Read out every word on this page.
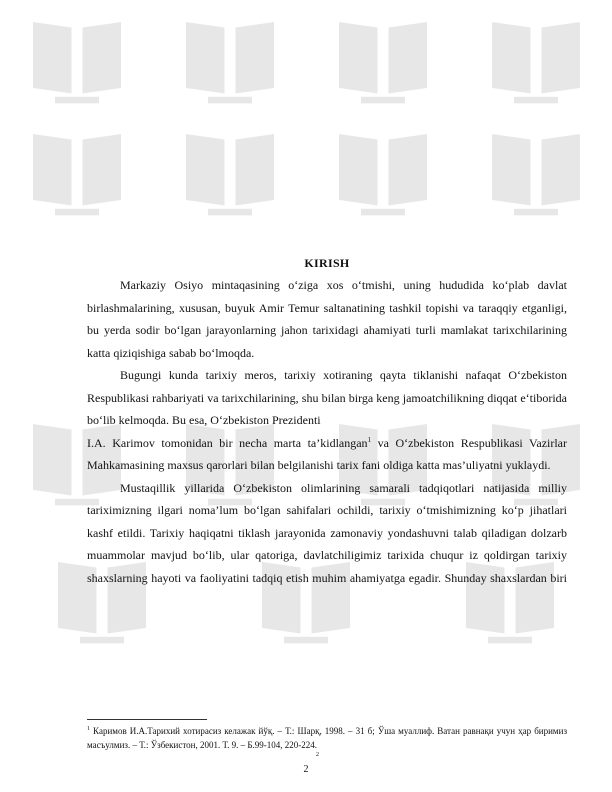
KIRISH

Markaziy Osiyo mintaqasining o‘ziga xos o‘tmishi, uning hududida ko‘plab davlat birlashmalarining, xususan, buyuk Amir Temur saltanatining tashkil topishi va taraqqiy etganligi, bu yerda sodir bo‘lgan jarayonlarning jahon tarixidagi ahamiyati turli mamlakat tarixchilarining katta qiziqishiga sabab bo‘lmoqda.

Bugungi kunda tarixiy meros, tarixiy xotiraning qayta tiklanishi nafaqat O‘zbekiston Respublikasi rahbariyati va tarixchilarining, shu bilan birga keng jamoatchilikning diqqat e‘tiborida bo‘lib kelmoqda. Bu esa, O‘zbekiston Prezidenti

I.A. Karimov tomonidan bir necha marta ta’kidlangan$^1$ va O‘zbekiston Respublikasi Vazirlar Mahkamasining maxsus qarorlari bilan belgilanishi tarix fani oldiga katta mas’uliyatni yuklaydi.

Mustaqillik yillarida O‘zbekiston olimlarining samarali tadqiqotlari natijasida milliy tariximizning ilgari noma’lum bo‘lgan sahifalari ochildi, tarixiy o‘tmishimizning ko‘p jihatlari kashf etildi. Tarixiy haqiqatni tiklash jarayonida zamonaviy yondashuvni talab qiladigan dolzarb muammolar mavjud bo‘lib, ular qatoriga, davlatchiligimiz tarixida chuqur iz qoldirgan tarixiy shaxslarning hayoti va faoliyatini tadqiq etish muhim ahamiyatga egadir. Shunday shaxslardan biri

$^1$ Каримов И.А.Тарихий хотирасиз келажак йўқ. – Т.: Шарқ, 1998. – 31 б; Ўша муаллиф. Ватан равнақи учун ҳар биримиз масъулмиз. – Т.: Ўзбекистон, 2001. Т. 9. – Б.99-104, 220-224.
2
2
